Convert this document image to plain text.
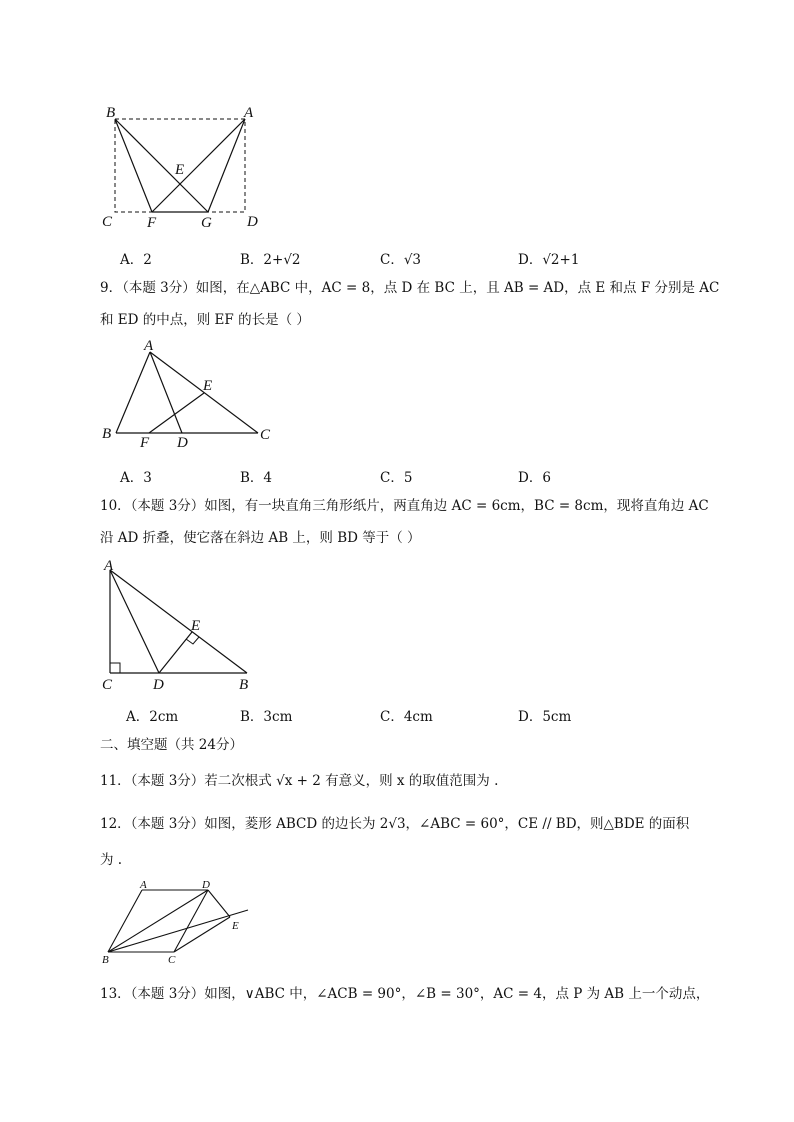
B	A
E
C F	G D
A．2	B．2+√2	C．√3	D．√2+1
9．（本题 3分）如图，在△ABC 中，AC = 8，点 D 在 BC 上，且 AB = AD，点 E 和点 F 分别是 AC
和 ED 的中点，则 EF 的长是（ ）
A
E
B
F D	C
A．3	B．4	C．5	D．6
10．（本题 3分）如图，有一块直角三角形纸片，两直角边 AC = 6cm，BC = 8cm，现将直角边 AC
沿 AD 折叠，使它落在斜边 AB 上，则 BD 等于（ ）
A
E
C	D	B
A．2cm	B．3cm	C．4cm	D．5cm
二、填空题（共 24分）
11．（本题 3分）若二次根式 √x + 2 有意义，则 x 的取值范围为 .
12．（本题 3分）如图，菱形 ABCD 的边长为 2√3，∠ABC = 60°，CE // BD，则△BDE 的面积
为 .
A	D
E
B	C
13．（本题 3分）如图，∨ABC 中，∠ACB = 90°，∠B = 30°，AC = 4，点 P 为 AB 上一个动点，
